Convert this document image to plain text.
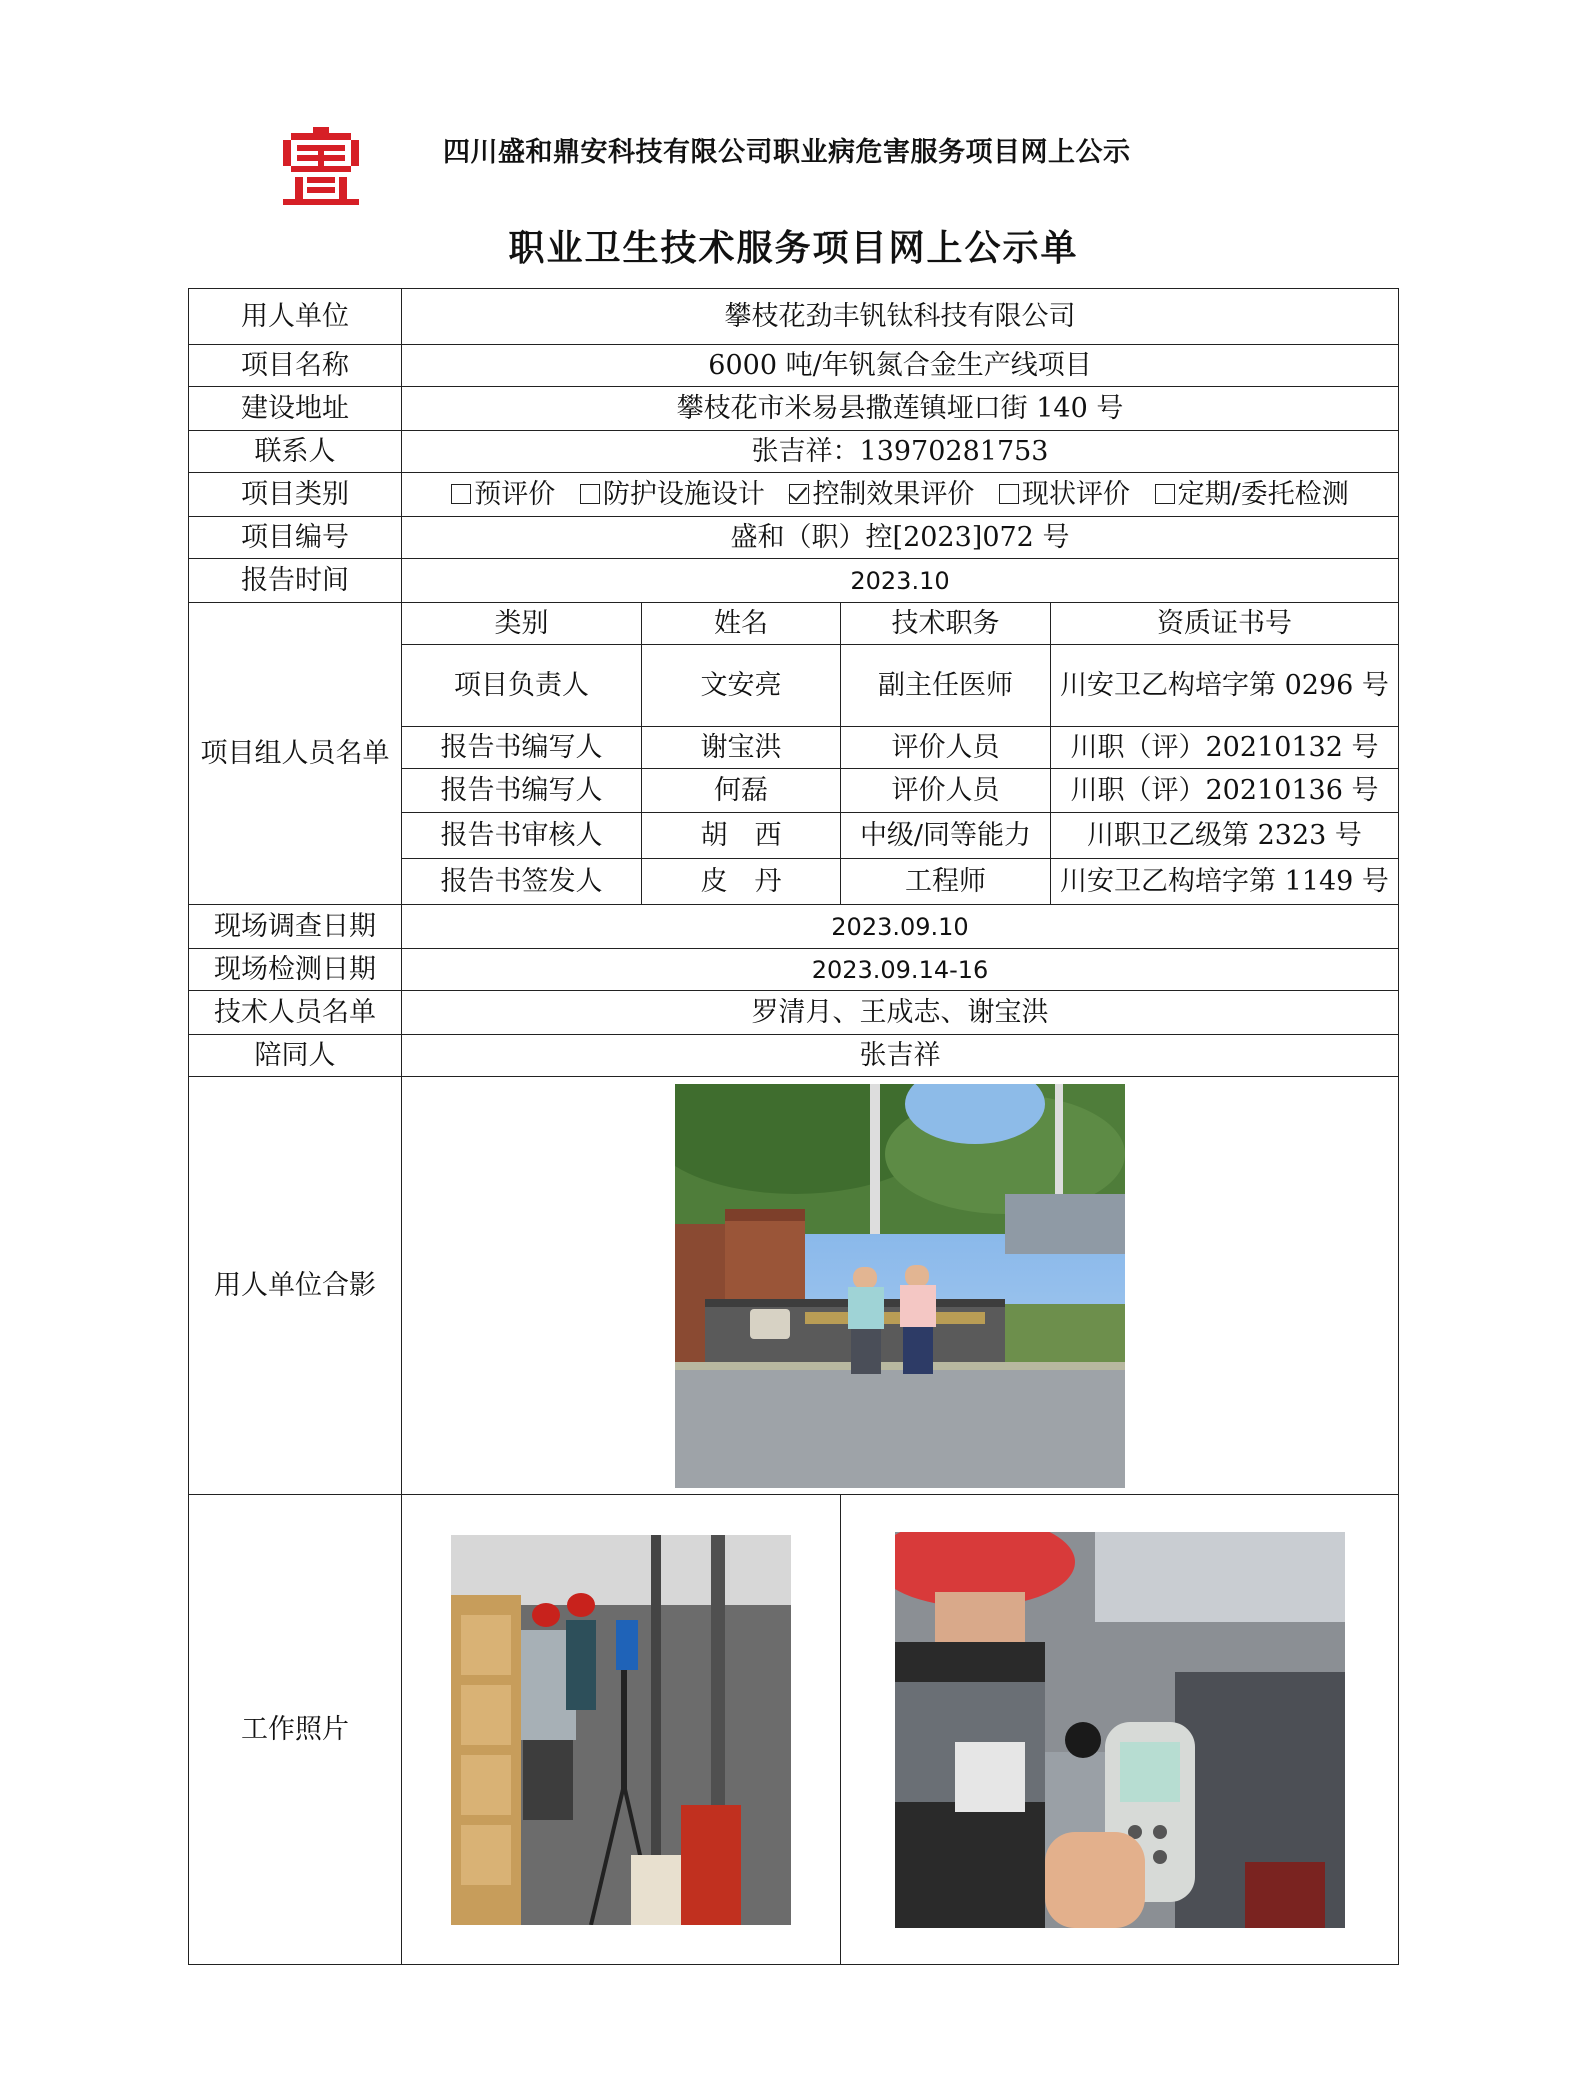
四川盛和鼎安科技有限公司职业病危害服务项目网上公示
职业卫生技术服务项目网上公示单
用人单位	攀枝花劲丰钒钛科技有限公司			
项目名称	6000 吨/年钒氮合金生产线项目			
建设地址	攀枝花市米易县撒莲镇垭口街 140 号			
联系人	张吉祥：13970281753			
项目类别	预评价 防护设施设计 控制效果评价 现状评价 定期/委托检测			
项目编号	盛和（职）控[2023]072 号			
报告时间	2023.10			
项目组人员名单	类别	姓名	技术职务	资质证书号
	项目负责人	文安亮	副主任医师	川安卫乙构培字第 0296 号
	报告书编写人	谢宝洪	评价人员	川职（评）20210132 号
	报告书编写人	何磊	评价人员	川职（评）20210136 号
	报告书审核人	胡　西	中级/同等能力	川职卫乙级第 2323 号
	报告书签发人	皮　丹	工程师	川安卫乙构培字第 1149 号
现场调查日期	2023.09.10			
现场检测日期	2023.09.14-16			
技术人员名单	罗清月、王成志、谢宝洪			
陪同人	张吉祥			
用人单位合影	

工作照片	
